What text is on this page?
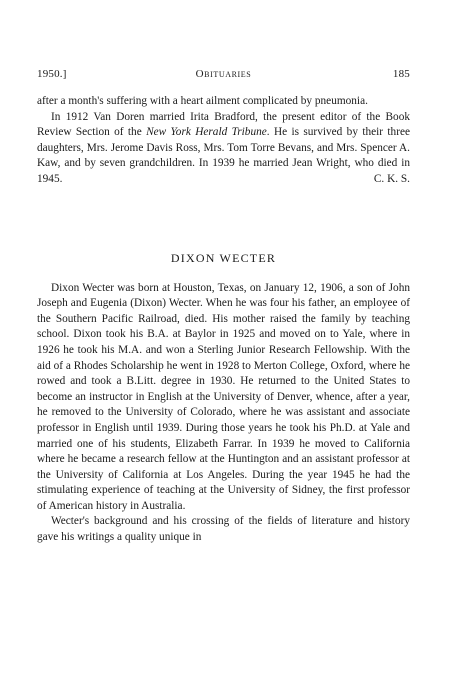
1950.]	Obituaries	185

after a month's suffering with a heart ailment complicated by pneumonia.

In 1912 Van Doren married Irita Bradford, the present editor of the Book Review Section of the New York Herald Tribune. He is survived by their three daughters, Mrs. Jerome Davis Ross, Mrs. Tom Torre Bevans, and Mrs. Spencer A. Kaw, and by seven grandchildren. In 1939 he married Jean Wright, who died in 1945.	C. K. S.

DIXON WECTER

Dixon Wecter was born at Houston, Texas, on January 12, 1906, a son of John Joseph and Eugenia (Dixon) Wecter. When he was four his father, an employee of the Southern Pacific Railroad, died. His mother raised the family by teaching school. Dixon took his B.A. at Baylor in 1925 and moved on to Yale, where in 1926 he took his M.A. and won a Sterling Junior Research Fellowship. With the aid of a Rhodes Scholarship he went in 1928 to Merton College, Oxford, where he rowed and took a B.Litt. degree in 1930. He returned to the United States to become an instructor in English at the University of Denver, whence, after a year, he removed to the University of Colorado, where he was assistant and associate professor in English until 1939. During those years he took his Ph.D. at Yale and married one of his students, Elizabeth Farrar. In 1939 he moved to California where he became a research fellow at the Huntington and an assistant professor at the University of California at Los Angeles. During the year 1945 he had the stimulating experience of teaching at the University of Sidney, the first professor of American history in Australia.

Wecter's background and his crossing of the fields of literature and history gave his writings a quality unique in
